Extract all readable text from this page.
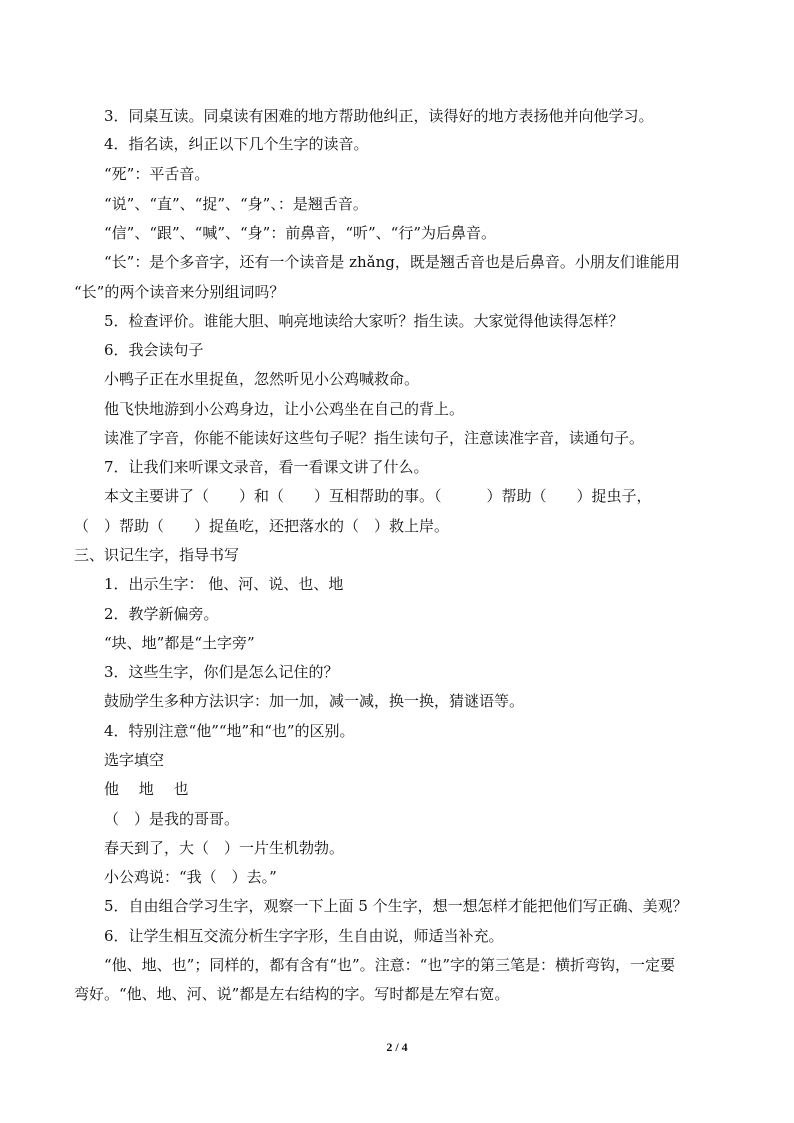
3．同桌互读。同桌读有困难的地方帮助他纠正，读得好的地方表扬他并向他学习。
4．指名读，纠正以下几个生字的读音。
“死”：平舌音。
“说”、“直”、“捉”、“身”、：是翘舌音。
“信”、“跟”、“喊”、“身”：前鼻音，“听”、“行”为后鼻音。
“长”：是个多音字，还有一个读音是 zhǎng，既是翘舌音也是后鼻音。小朋友们谁能用
“长”的两个读音来分别组词吗？
5．检查评价。谁能大胆、响亮地读给大家听？指生读。大家觉得他读得怎样？
6．我会读句子
小鸭子正在水里捉鱼，忽然听见小公鸡喊救命。
他飞快地游到小公鸡身边，让小公鸡坐在自己的背上。
读准了字音，你能不能读好这些句子呢？指生读句子，注意读准字音，读通句子。
7．让我们来听课文录音，看一看课文讲了什么。
本文主要讲了（　　）和（　　）互相帮助的事。（　　　）帮助（　　）捉虫子，
（　）帮助（　　）捉鱼吃，还把落水的（　）救上岸。
三、识记生字，指导书写
1．出示生字： 他、河、说、也、地
2．教学新偏旁。
“块、地”都是“土字旁”
3．这些生字，你们是怎么记住的？
鼓励学生多种方法识字：加一加，减一减，换一换，猜谜语等。
4．特别注意“他”“地”和“也”的区别。
选字填空
他　 地　 也
（　）是我的哥哥。
春天到了，大（　）一片生机勃勃。
小公鸡说：“我（　）去。”
5．自由组合学习生字，观察一下上面 5 个生字，想一想怎样才能把他们写正确、美观？
6．让学生相互交流分析生字字形，生自由说，师适当补充。
“他、地、也”；同样的，都有含有“也”。注意：“也”字的第三笔是：横折弯钩，一定要
弯好。“他、地、河、说”都是左右结构的字。写时都是左窄右宽。
2 / 4
